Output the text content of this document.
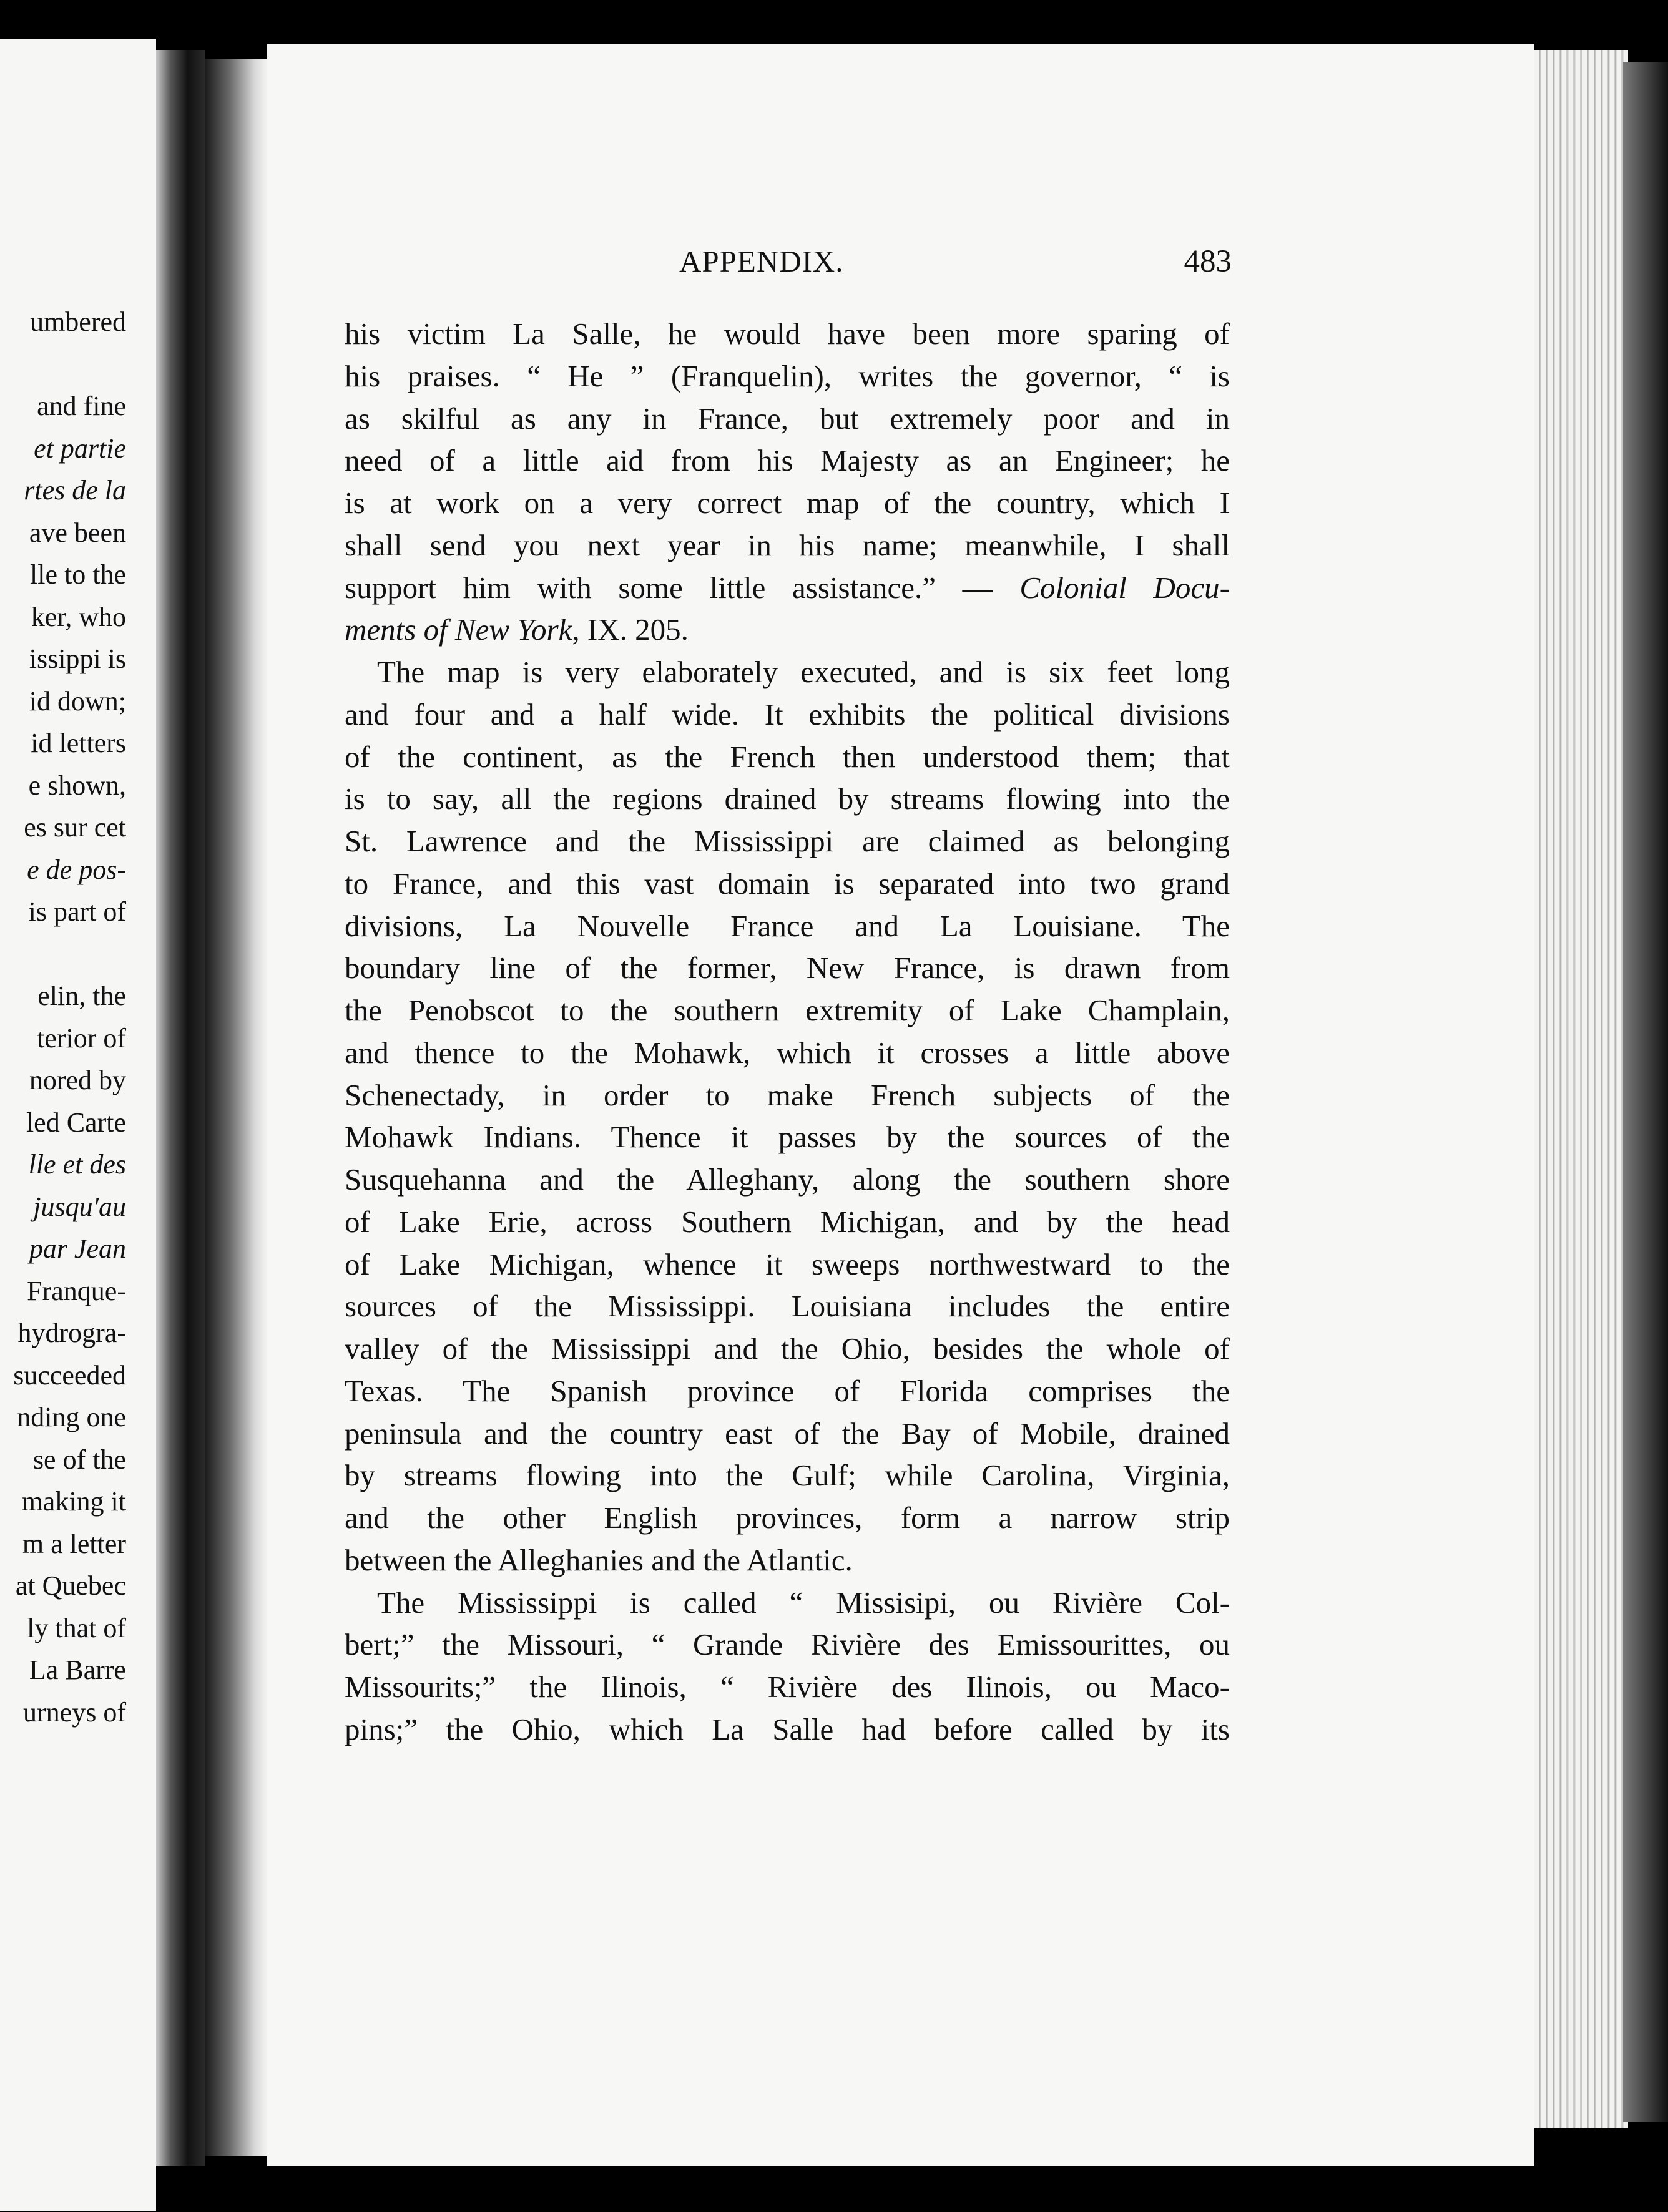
umbered
and fine
et partie
rtes de la
ave been
lle to the
ker, who
issippi is
id down;
id letters
e shown,
es sur cet
e de pos-
is part of
elin, the
terior of
nored by
led Carte
lle et des
jusqu'au
par Jean
Franque-
hydrogra-
succeeded
nding one
se of the
making it
m a letter
at Quebec
ly that of
La Barre
urneys of
APPENDIX.	483
his victim La Salle, he would have been more sparing of
his praises. “ He ” (Franquelin), writes the governor, “ is
as skilful as any in France, but extremely poor and in
need of a little aid from his Majesty as an Engineer; he
is at work on a very correct map of the country, which I
shall send you next year in his name; meanwhile, I shall
support him with some little assistance.” — Colonial Docu-
ments of New York, IX. 205.
The map is very elaborately executed, and is six feet long
and four and a half wide. It exhibits the political divisions
of the continent, as the French then understood them; that
is to say, all the regions drained by streams flowing into the
St. Lawrence and the Mississippi are claimed as belonging
to France, and this vast domain is separated into two grand
divisions, La Nouvelle France and La Louisiane. The
boundary line of the former, New France, is drawn from
the Penobscot to the southern extremity of Lake Champlain,
and thence to the Mohawk, which it crosses a little above
Schenectady, in order to make French subjects of the
Mohawk Indians. Thence it passes by the sources of the
Susquehanna and the Alleghany, along the southern shore
of Lake Erie, across Southern Michigan, and by the head
of Lake Michigan, whence it sweeps northwestward to the
sources of the Mississippi. Louisiana includes the entire
valley of the Mississippi and the Ohio, besides the whole of
Texas. The Spanish province of Florida comprises the
peninsula and the country east of the Bay of Mobile, drained
by streams flowing into the Gulf; while Carolina, Virginia,
and the other English provinces, form a narrow strip
between the Alleghanies and the Atlantic.
The Mississippi is called “ Missisipi, ou Rivière Col-
bert;” the Missouri, “ Grande Rivière des Emissourittes, ou
Missourits;” the Ilinois, “ Rivière des Ilinois, ou Maco-
pins;” the Ohio, which La Salle had before called by its
